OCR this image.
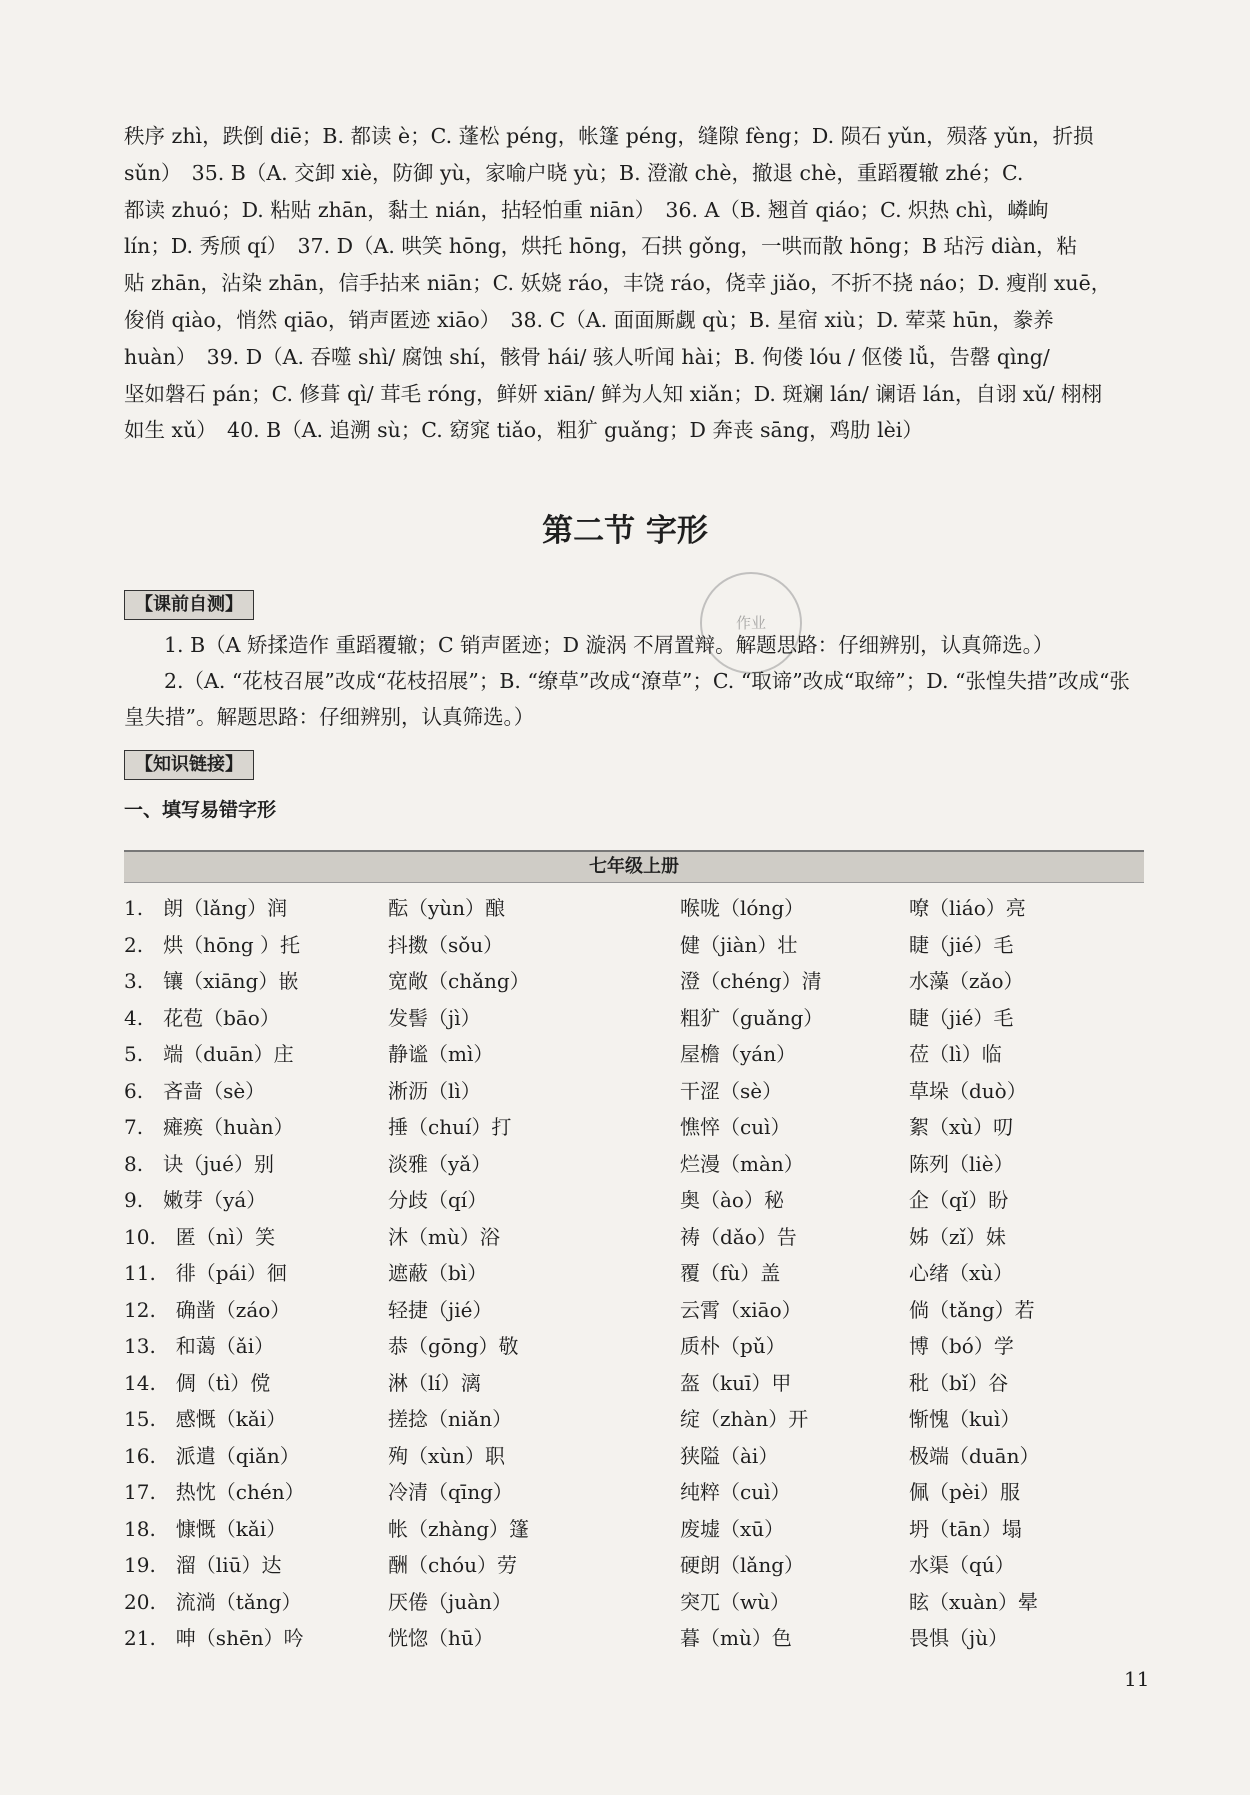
秩序 zhì，跌倒 diē；B. 都读 è；C. 蓬松 péng，帐篷 péng，缝隙 fèng；D. 陨石 yǔn，殒落 yǔn，折损

sǔn）　35. B（A. 交卸 xiè，防御 yù，家喻户晓 yù；B. 澄澈 chè，撤退 chè，重蹈覆辙 zhé；C.

都读 zhuó；D. 粘贴 zhān，黏土 nián，拈轻怕重 niān）　36. A（B. 翘首 qiáo；C. 炽热 chì，嶙峋

lín；D. 秀颀 qí）　37. D（A. 哄笑 hōng，烘托 hōng，石拱 gǒng，一哄而散 hōng；B 玷污 diàn，粘

贴 zhān，沾染 zhān，信手拈来 niān；C. 妖娆 ráo，丰饶 ráo，侥幸 jiǎo，不折不挠 náo；D. 瘦削 xuē，

俊俏 qiào，悄然 qiāo，销声匿迹 xiāo）　38. C（A. 面面厮觑 qù；B. 星宿 xiù；D. 荤菜 hūn，豢养

huàn）　39. D（A. 吞噬 shì/ 腐蚀 shí，骸骨 hái/ 骇人听闻 hài；B. 佝偻 lóu / 伛偻 lǚ，告罄 qìng/

坚如磐石 pán；C. 修葺 qì/ 茸毛 róng，鲜妍 xiān/ 鲜为人知 xiǎn；D. 斑斓 lán/ 谰语 lán，自诩 xǔ/ 栩栩

如生 xǔ）　40. B（A. 追溯 sù；C. 窈窕 tiǎo，粗犷 guǎng；D 奔丧 sāng，鸡肋 lèi）

第二节 字形
【 课前自测 】
作业

1. B（A 矫揉造作 重蹈覆辙；C 销声匿迹；D 漩涡 不屑置辩。解题思路：仔细辨别，认真筛选。）

2.（A. “花枝召展”改成“花枝招展”；B. “缭草”改成“潦草”；C. “取谛”改成“取缔”；D. “张惶失措”改成“张皇失措”。解题思路：仔细辨别，认真筛选。）

【 知识链接 】
一、填写易错字形
七年级上册
1.　朗（lǎng）润	酝（yùn）酿	喉咙（lóng）	嘹（liáo）亮
2.　烘（hōng ）托	抖擞（sǒu）	健（jiàn）壮	睫（jié）毛
3.　镶（xiāng）嵌	宽敞（chǎng）	澄（chéng）清	水藻（zǎo）
4.　花苞（bāo）	发髻（jì）	粗犷（guǎng）	睫（jié）毛
5.　端（duān）庄	静谧（mì）	屋檐（yán）	莅（lì）临
6.　吝啬（sè）	淅沥（lì）	干涩（sè）	草垛（duò）
7.　瘫痪（huàn）	捶（chuí）打	憔悴（cuì）	絮（xù）叨
8.　诀（jué）别	淡雅（yǎ）	烂漫（màn）	陈列（liè）
9.　嫩芽（yá）	分歧（qí）	奥（ào）秘	企（qǐ）盼
10.　匿（nì）笑	沐（mù）浴	祷（dǎo）告	姊（zǐ）妹
11.　徘（pái）徊	遮蔽（bì）	覆（fù）盖	心绪（xù）
12.　确凿（záo）	轻捷（jié）	云霄（xiāo）	倘（tǎng）若
13.　和蔼（ǎi）	恭（gōng）敬	质朴（pǔ）	博（bó）学
14.　倜（tì）傥	淋（lí）漓	盔（kuī）甲	秕（bǐ）谷
15.　感慨（kǎi）	搓捻（niǎn）	绽（zhàn）开	惭愧（kuì）
16.　派遣（qiǎn）	殉（xùn）职	狭隘（ài）	极端（duān）
17.　热忱（chén）	冷清（qīng）	纯粹（cuì）	佩（pèi）服
18.　慷慨（kǎi）	帐（zhàng）篷	废墟（xū）	坍（tān）塌
19.　溜（liū）达	酬（chóu）劳	硬朗（lǎng）	水渠（qú）
20.　流淌（tǎng）	厌倦（juàn）	突兀（wù）	眩（xuàn）晕
21.　呻（shēn）吟	恍惚（hū）	暮（mù）色	畏惧（jù）
11
